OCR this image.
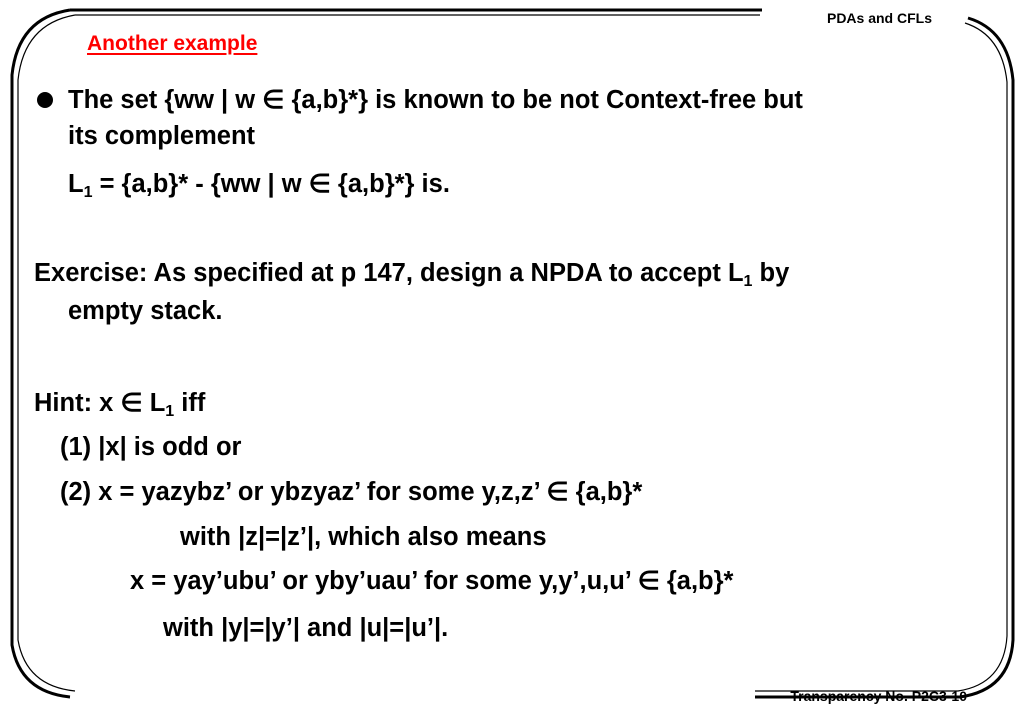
PDAs and CFLs
Transparency No. P2C3-10
Another example
The set {ww | w ∈ {a,b}*} is known to be not Context-free but
its complement
$L_1 = \{a,b\}* - \{ww$ | w ∈ {a,b}*} is.
Exercise: As specified at p 147, design a NPDA to accept $L_1$ by
empty stack.
Hint: x ∈ $L_1$ iff
(1) |x| is odd or
(2) x = yazybz’ or ybzyaz’ for some y,z,z’ ∈ {a,b}*
with |z|=|z’|, which also means
x = yay’ubu’ or yby’uau’ for some y,y’,u,u’ ∈ {a,b}*
with |y|=|y’| and |u|=|u’|.
